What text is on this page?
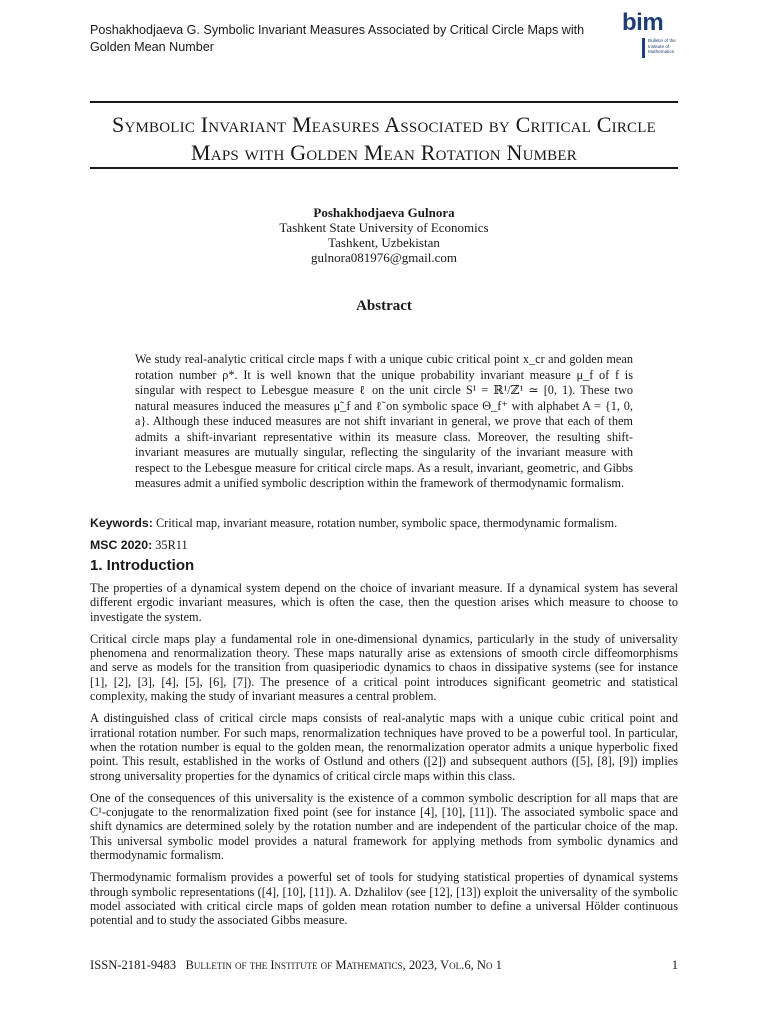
Poshakhodjaeva G. Symbolic Invariant Measures Associated by Critical Circle Maps with Golden Mean Number
bim
Bulletin of the Institute of Mathematics
Symbolic Invariant Measures Associated by Critical Circle Maps with Golden Mean Rotation Number
Poshakhodjaeva Gulnora
Tashkent State University of Economics
Tashkent, Uzbekistan
gulnora081976@gmail.com
Abstract
We study real-analytic critical circle maps f with a unique cubic critical point x_cr and golden mean rotation number ρ*. It is well known that the unique probability invariant measure μ_f of f is singular with respect to Lebesgue measure ℓ on the unit circle S¹ = ℝ¹/ℤ¹ ≃ [0, 1). These two natural measures induced the measures μ̃_f and ℓ̃ on symbolic space Θ_f⁺ with alphabet A = {1, 0, a}. Although these induced measures are not shift invariant in general, we prove that each of them admits a shift-invariant representative within its measure class. Moreover, the resulting shift-invariant measures are mutually singular, reflecting the singularity of the invariant measure with respect to the Lebesgue measure for critical circle maps. As a result, invariant, geometric, and Gibbs measures admit a unified symbolic description within the framework of thermodynamic formalism.
Keywords: Critical map, invariant measure, rotation number, symbolic space, thermodynamic formalism.
MSC 2020: 35R11
1. Introduction

The properties of a dynamical system depend on the choice of invariant measure. If a dynamical system has several different ergodic invariant measures, which is often the case, then the question arises which measure to choose to investigate the system.

Critical circle maps play a fundamental role in one-dimensional dynamics, particularly in the study of universality phenomena and renormalization theory. These maps naturally arise as extensions of smooth circle diffeomorphisms and serve as models for the transition from quasiperiodic dynamics to chaos in dissipative systems (see for instance [1], [2], [3], [4], [5], [6], [7]). The presence of a critical point introduces significant geometric and statistical complexity, making the study of invariant measures a central problem.

A distinguished class of critical circle maps consists of real-analytic maps with a unique cubic critical point and irrational rotation number. For such maps, renormalization techniques have proved to be a powerful tool. In particular, when the rotation number is equal to the golden mean, the renormalization operator admits a unique hyperbolic fixed point. This result, established in the works of Ostlund and others ([2]) and subsequent authors ([5], [8], [9]) implies strong universality properties for the dynamics of critical circle maps within this class.

One of the consequences of this universality is the existence of a common symbolic description for all maps that are C¹-conjugate to the renormalization fixed point (see for instance [4], [10], [11]). The associated symbolic space and shift dynamics are determined solely by the rotation number and are independent of the particular choice of the map. This universal symbolic model provides a natural framework for applying methods from symbolic dynamics and thermodynamic formalism.

Thermodynamic formalism provides a powerful set of tools for studying statistical properties of dynamical systems through symbolic representations ([4], [10], [11]). A. Dzhalilov (see [12], [13]) exploit the universality of the symbolic model associated with critical circle maps of golden mean rotation number to define a universal Hölder continuous potential and to study the associated Gibbs measure.

ISSN-2181-9483 Bulletin of the Institute of Mathematics, 2023, Vol.6, No 1	1
